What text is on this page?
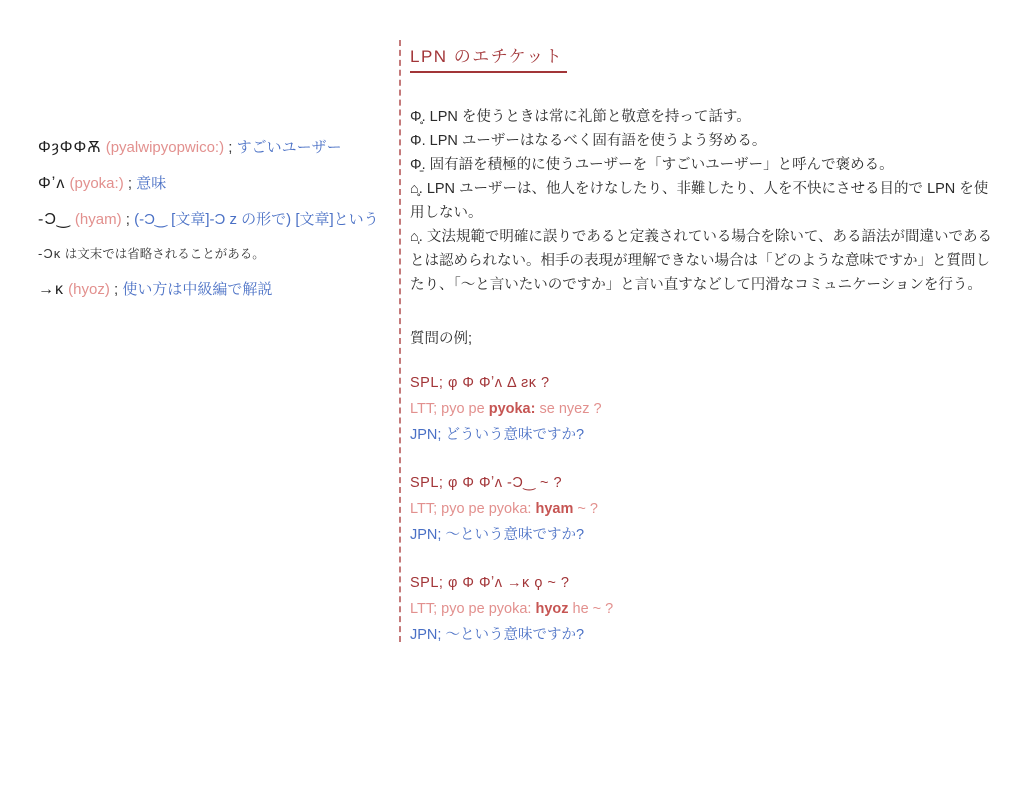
ΦȝΦΦѪ (pyalwipyopwico:) ; すごいユーザー

Φʼʌ (pyoka:) ; 意味

-Ɔ‿ (hyam) ; (-Ɔ‿ [文章]-Ɔ z の形で) [文章]という

-Ɔᴋ は文末では省略されることがある。

→ᴋ (hyoz) ; 使い方は中級編で解説

LPN のエチケット

Φ̥. LPN を使うときは常に礼節と敬意を持って話す。

Φ. LPN ユーザーはなるべく固有語を使うよう努める。

Φ̱. 固有語を積極的に使うユーザーを「すごいユーザー」と呼んで褒める。

⌂̥. LPN ユーザーは、他人をけなしたり、非難したり、人を不快にさせる目的で LPN を使用しない。

⌂̩. 文法規範で明確に誤りであると定義されている場合を除いて、ある語法が間違いであるとは認められない。相手の表現が理解できない場合は「どのような意味ですか」と質問したり、「〜と言いたいのですか」と言い直すなどして円滑なコミュニケーションを行う。

質問の例;

SPL; φ Φ Φʼʌ Δ ƨᴋ ?

LTT; pyo pe pyoka: se nyez ?

JPN; どういう意味ですか?

SPL; φ Φ Φʼʌ -Ɔ‿ ~ ?

LTT; pyo pe pyoka: hyam ~ ?

JPN; 〜という意味ですか?

SPL; φ Φ Φʼʌ →ᴋ ϙ ~ ?

LTT; pyo pe pyoka: hyoz he ~ ?

JPN; 〜という意味ですか?
